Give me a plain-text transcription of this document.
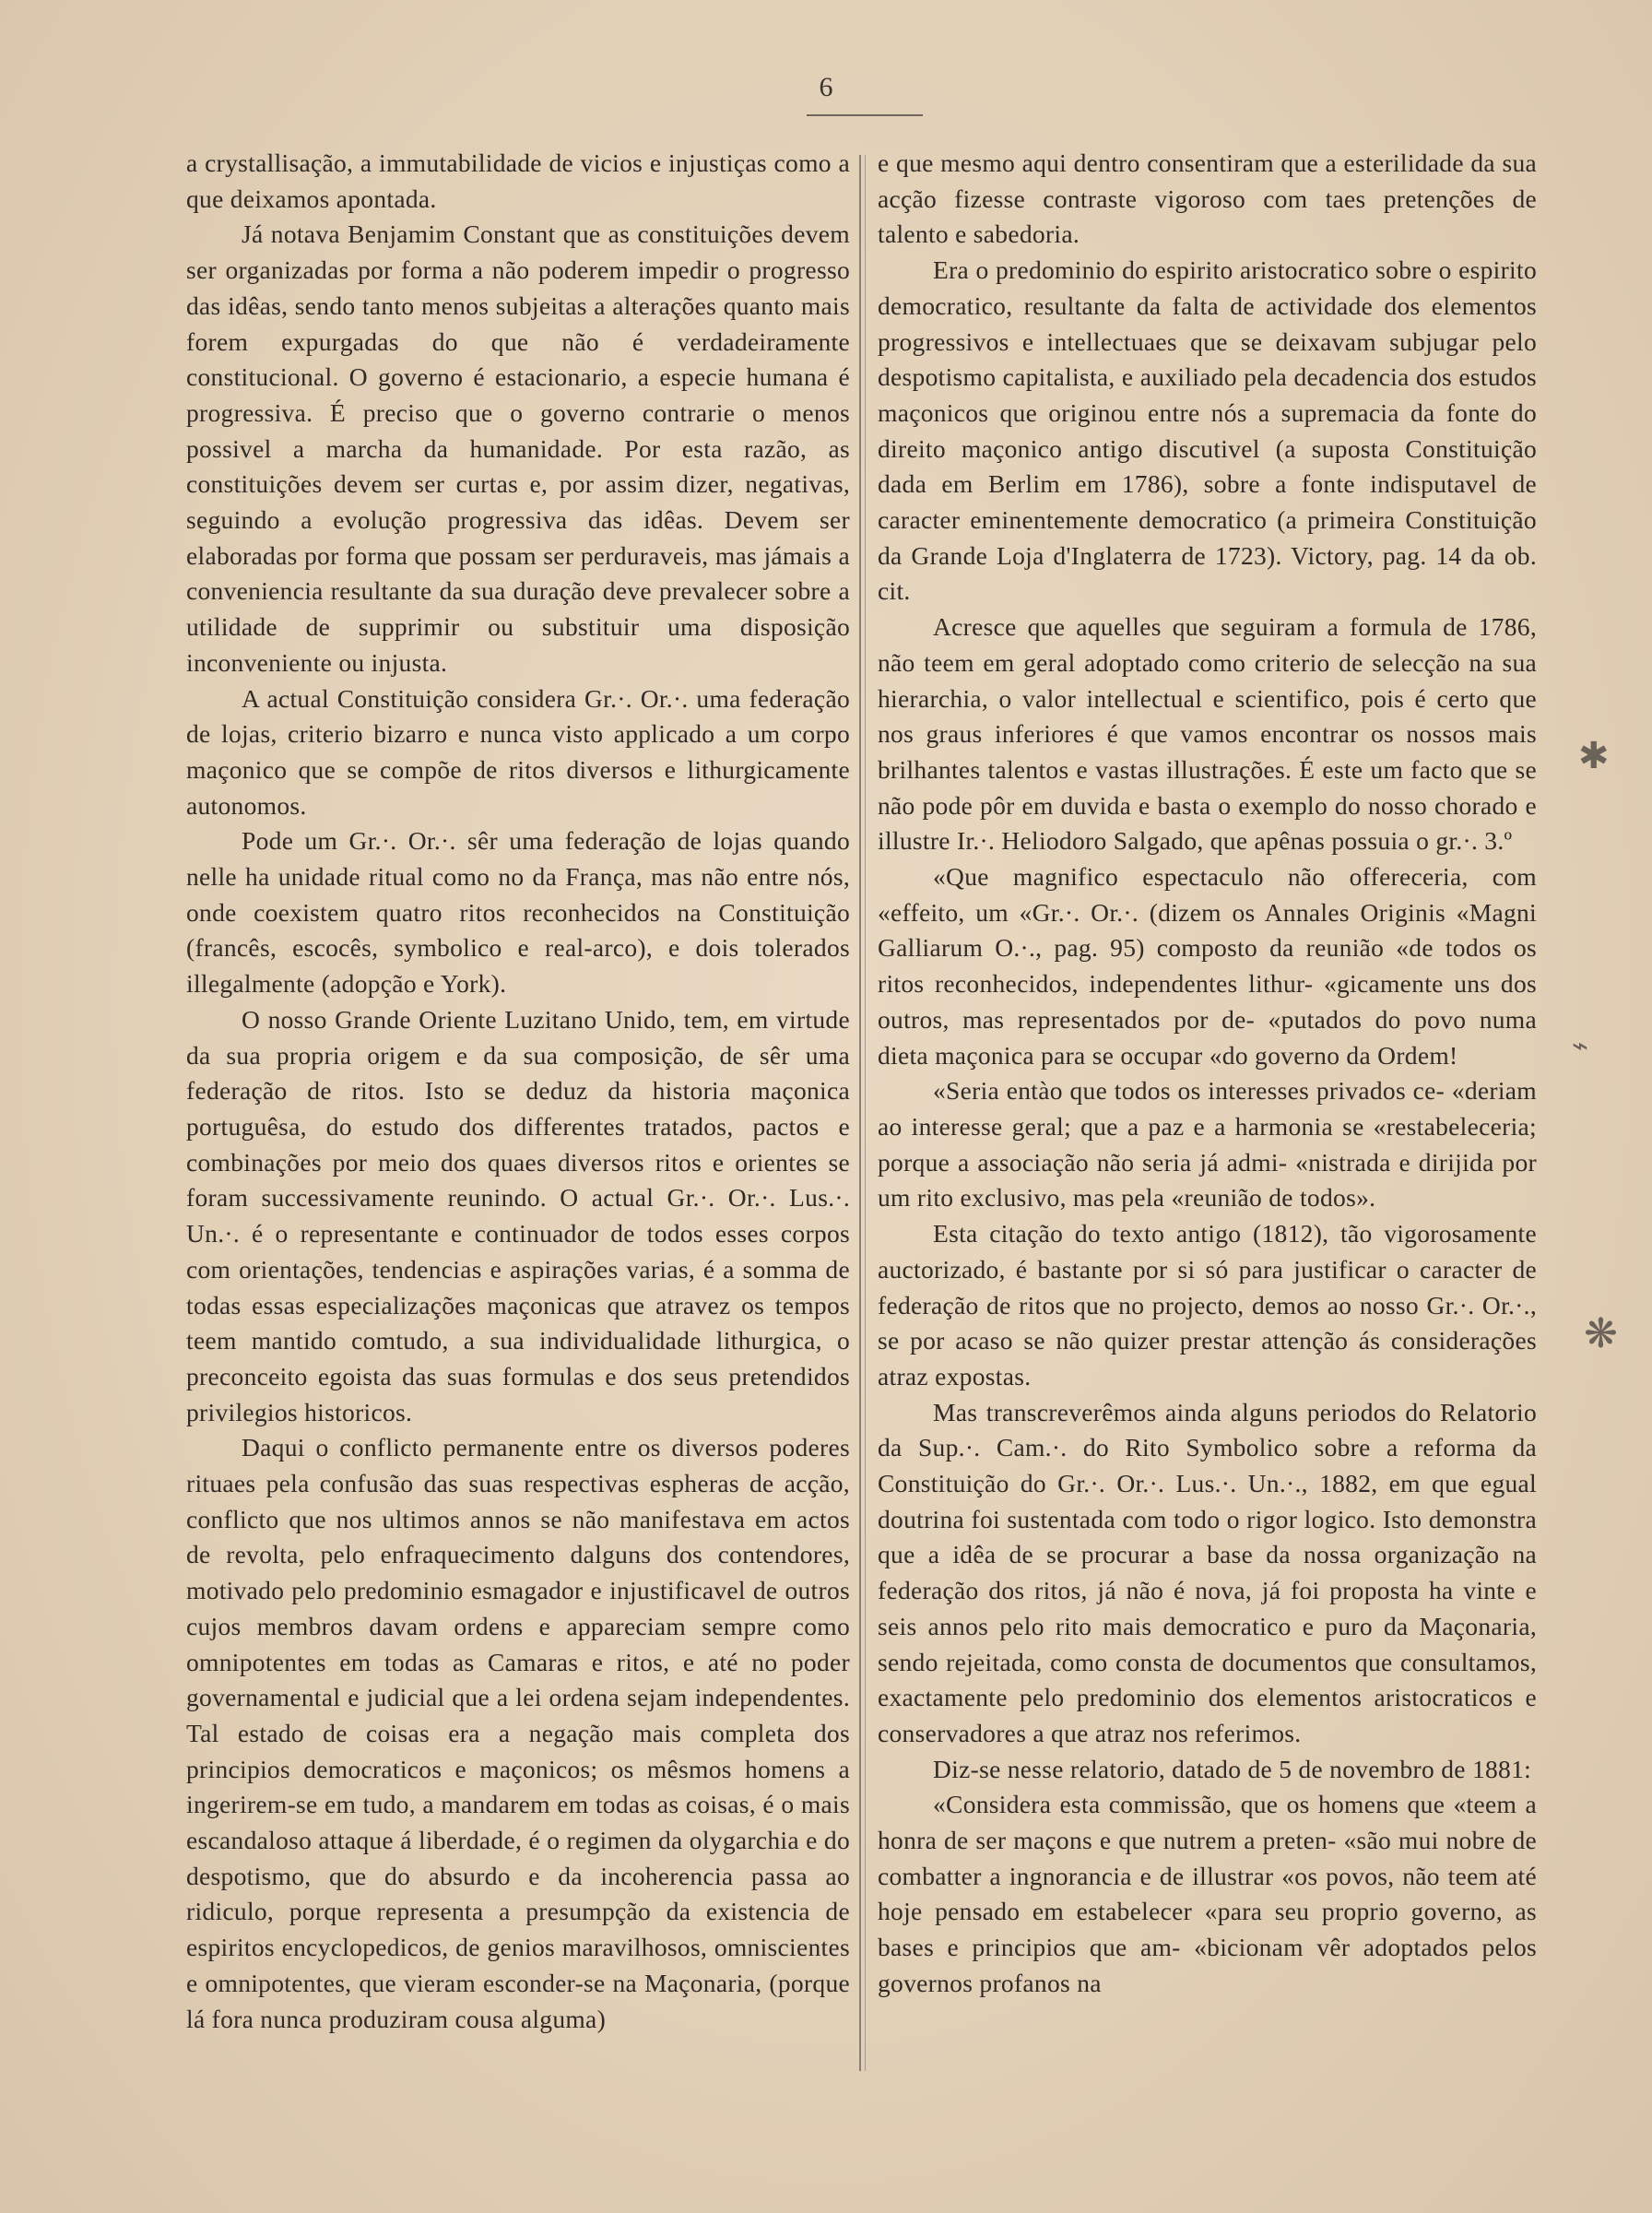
6

a crystallisação, a immutabilidade de vicios e injustiças como a que deixamos apontada.

Já notava Benjamim Constant que as constituições devem ser organizadas por forma a não poderem impedir o progresso das idêas, sendo tanto menos subjeitas a alterações quanto mais forem expurgadas do que não é verdadeiramente constitucional. O governo é estacionario, a especie humana é progressiva. É preciso que o governo contrarie o menos possivel a marcha da humanidade. Por esta razão, as constituições devem ser curtas e, por assim dizer, negativas, seguindo a evolução progressiva das idêas. Devem ser elaboradas por forma que possam ser perduraveis, mas jámais a conveniencia resultante da sua duração deve prevalecer sobre a utilidade de supprimir ou substituir uma disposição inconveniente ou injusta.

A actual Constituição considera Gr.·. Or.·. uma federação de lojas, criterio bizarro e nunca visto applicado a um corpo maçonico que se compõe de ritos diversos e lithurgicamente autonomos.

Pode um Gr.·. Or.·. sêr uma federação de lojas quando nelle ha unidade ritual como no da França, mas não entre nós, onde coexistem quatro ritos reconhecidos na Constituição (francês, escocês, symbolico e real-arco), e dois tolerados illegalmente (adopção e York).

O nosso Grande Oriente Luzitano Unido, tem, em virtude da sua propria origem e da sua composição, de sêr uma federação de ritos. Isto se deduz da historia maçonica portuguêsa, do estudo dos differentes tratados, pactos e combinações por meio dos quaes diversos ritos e orientes se foram successivamente reunindo. O actual Gr.·. Or.·. Lus.·. Un.·. é o representante e continuador de todos esses corpos com orientações, tendencias e aspirações varias, é a somma de todas essas especializações maçonicas que atravez os tempos teem mantido comtudo, a sua individualidade lithurgica, o preconceito egoista das suas formulas e dos seus pretendidos privilegios historicos.

Daqui o conflicto permanente entre os diversos poderes rituaes pela confusão das suas respectivas espheras de acção, conflicto que nos ultimos annos se não manifestava em actos de revolta, pelo enfraquecimento dalguns dos contendores, motivado pelo predominio esmagador e injustificavel de outros cujos membros davam ordens e appareciam sempre como omnipotentes em todas as Camaras e ritos, e até no poder governamental e judicial que a lei ordena sejam independentes. Tal estado de coisas era a negação mais completa dos principios democraticos e maçonicos; os mêsmos homens a ingerirem-se em tudo, a mandarem em todas as coisas, é o mais escandaloso attaque á liberdade, é o regimen da olygarchia e do despotismo, que do absurdo e da incoherencia passa ao ridiculo, porque representa a presumpção da existencia de espiritos encyclopedicos, de genios maravilhosos, omniscientes e omnipotentes, que vieram esconder-se na Maçonaria, (porque lá fora nunca produziram cousa alguma)

e que mesmo aqui dentro consentiram que a esterilidade da sua acção fizesse contraste vigoroso com taes pretenções de talento e sabedoria.

Era o predominio do espirito aristocratico sobre o espirito democratico, resultante da falta de actividade dos elementos progressivos e intellectuaes que se deixavam subjugar pelo despotismo capitalista, e auxiliado pela decadencia dos estudos maçonicos que originou entre nós a supremacia da fonte do direito maçonico antigo discutivel (a suposta Constituição dada em Berlim em 1786), sobre a fonte indisputavel de caracter eminentemente democratico (a primeira Constituição da Grande Loja d'Inglaterra de 1723). Victory, pag. 14 da ob. cit.

Acresce que aquelles que seguiram a formula de 1786, não teem em geral adoptado como criterio de selecção na sua hierarchia, o valor intellectual e scientifico, pois é certo que nos graus inferiores é que vamos encontrar os nossos mais brilhantes talentos e vastas illustrações. É este um facto que se não pode pôr em duvida e basta o exemplo do nosso chorado e illustre Ir.·. Heliodoro Salgado, que apênas possuia o gr.·. 3.º

«Que magnifico espectaculo não offereceria, com «effeito, um «Gr.·. Or.·. (dizem os Annales Originis «Magni Galliarum O.·., pag. 95) composto da reunião «de todos os ritos reconhecidos, independentes lithur- «gicamente uns dos outros, mas representados por de- «putados do povo numa dieta maçonica para se occupar «do governo da Ordem!

«Seria entào que todos os interesses privados ce- «deriam ao interesse geral; que a paz e a harmonia se «restabeleceria; porque a associação não seria já admi- «nistrada e dirijida por um rito exclusivo, mas pela «reunião de todos».

Esta citação do texto antigo (1812), tão vigorosamente auctorizado, é bastante por si só para justificar o caracter de federação de ritos que no projecto, demos ao nosso Gr.·. Or.·., se por acaso se não quizer prestar attenção ás considerações atraz expostas.

Mas transcreverêmos ainda alguns periodos do Relatorio da Sup.·. Cam.·. do Rito Symbolico sobre a reforma da Constituição do Gr.·. Or.·. Lus.·. Un.·., 1882, em que egual doutrina foi sustentada com todo o rigor logico. Isto demonstra que a idêa de se procurar a base da nossa organização na federação dos ritos, já não é nova, já foi proposta ha vinte e seis annos pelo rito mais democratico e puro da Maçonaria, sendo rejeitada, como consta de documentos que consultamos, exactamente pelo predominio dos elementos aristocraticos e conservadores a que atraz nos referimos.

Diz-se nesse relatorio, datado de 5 de novembro de 1881:

«Considera esta commissão, que os homens que «teem a honra de ser maçons e que nutrem a preten- «são mui nobre de combatter a ingnorancia e de illustrar «os povos, não teem até hoje pensado em estabelecer «para seu proprio governo, as bases e principios que am- «bicionam vêr adoptados pelos governos profanos na

✱
⌁
❋
